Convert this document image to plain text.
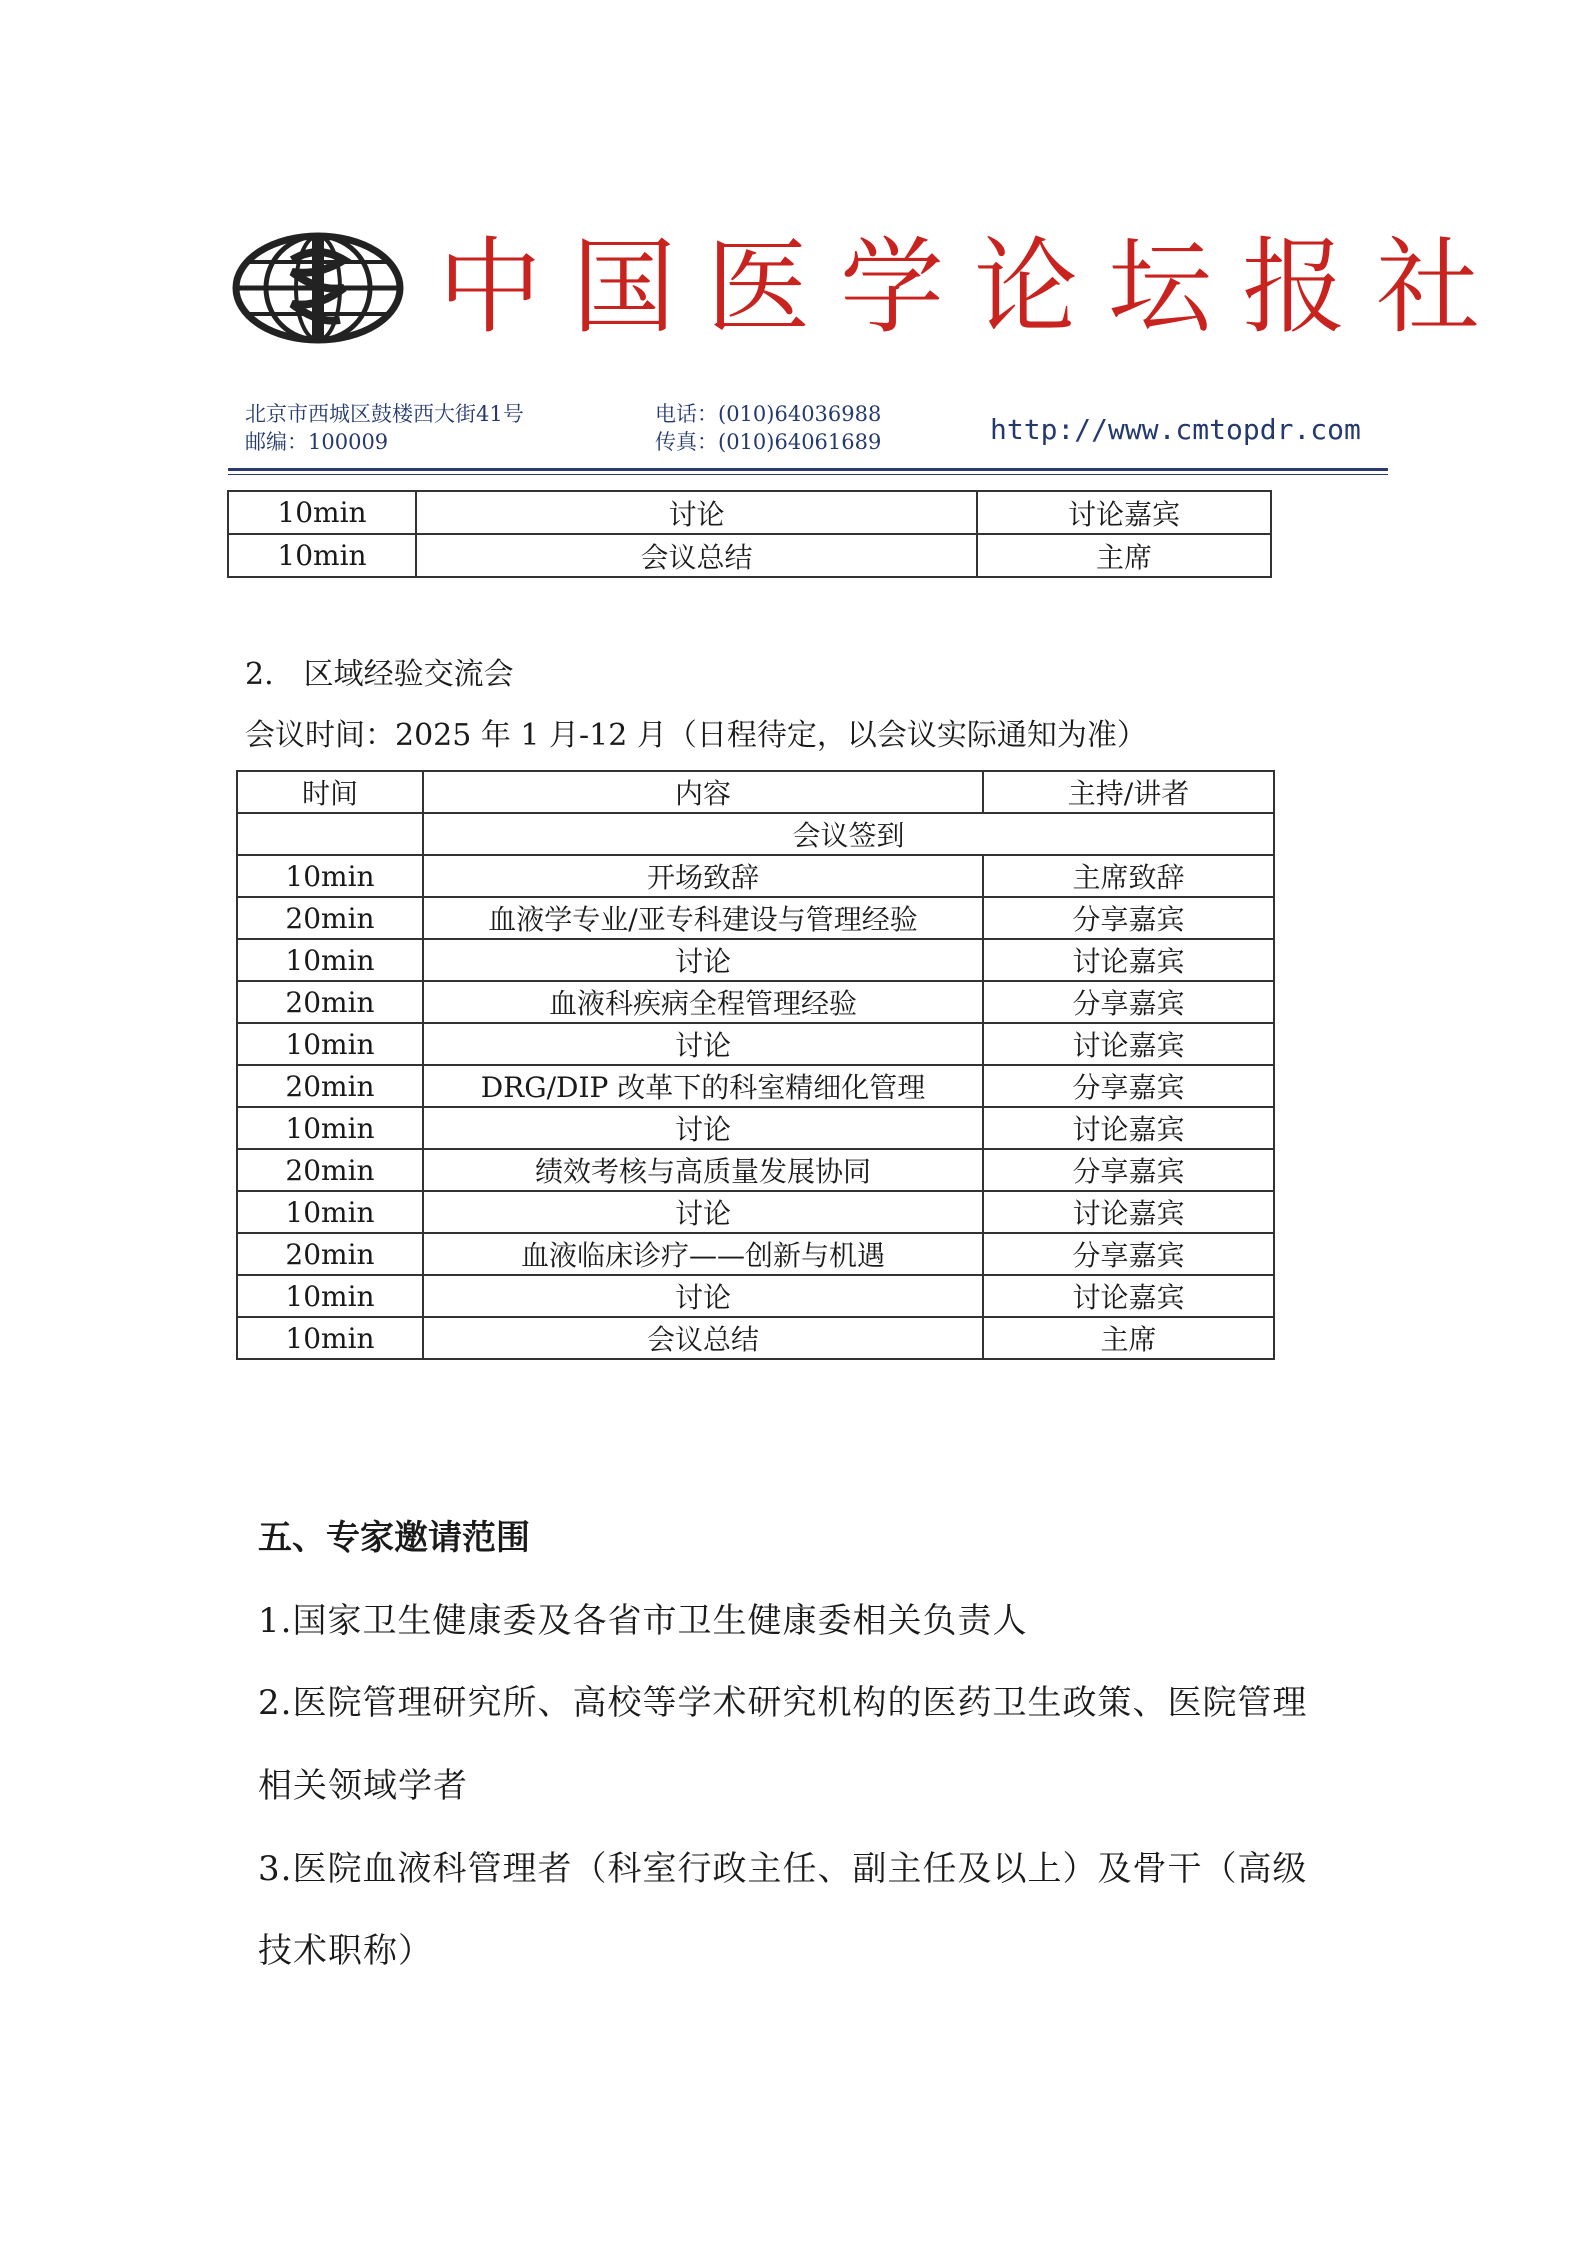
中国医学论坛报社
北京市西城区鼓楼西大街41号
邮编：100009
电话：(010)64036988
传真：(010)64061689	http://www.cmtopdr.com
10min	讨论	讨论嘉宾
10min	会议总结	主席
2.　区域经验交流会
会议时间：2025 年 1 月-12 月（日程待定，以会议实际通知为准）
时间	内容	主持/讲者
	会议签到	
10min	开场致辞	主席致辞
20min	血液学专业/亚专科建设与管理经验	分享嘉宾
10min	讨论	讨论嘉宾
20min	血液科疾病全程管理经验	分享嘉宾
10min	讨论	讨论嘉宾
20min	DRG/DIP 改革下的科室精细化管理	分享嘉宾
10min	讨论	讨论嘉宾
20min	绩效考核与高质量发展协同	分享嘉宾
10min	讨论	讨论嘉宾
20min	血液临床诊疗——创新与机遇	分享嘉宾
10min	讨论	讨论嘉宾
10min	会议总结	主席
五、专家邀请范围
1.国家卫生健康委及各省市卫生健康委相关负责人
2.医院管理研究所、高校等学术研究机构的医药卫生政策、医院管理
相关领域学者
3.医院血液科管理者（科室行政主任、副主任及以上）及骨干（高级
技术职称）
